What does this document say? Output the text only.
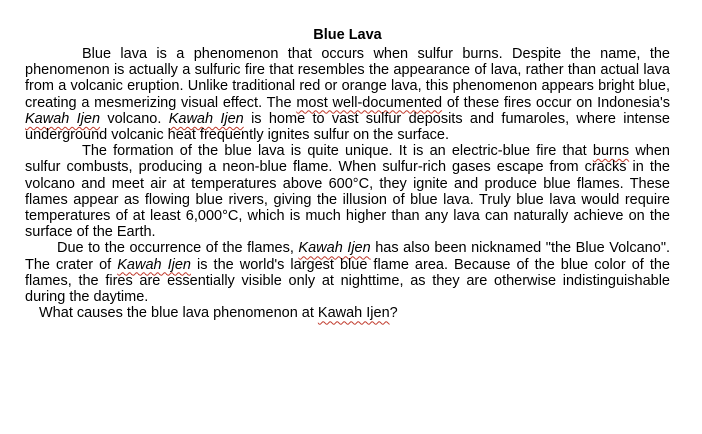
Blue Lava

Blue lava is a phenomenon that occurs when sulfur burns. Despite the name, the phenomenon is actually a sulfuric fire that resembles the appearance of lava, rather than actual lava from a volcanic eruption. Unlike traditional red or orange lava, this phenomenon appears bright blue, creating a mesmerizing visual effect. The most well-documented of these fires occur on Indonesia's Kawah Ijen volcano. Kawah Ijen is home to vast sulfur deposits and fumaroles, where intense underground volcanic heat frequently ignites sulfur on the surface.

The formation of the blue lava is quite unique. It is an electric-blue fire that burns when sulfur combusts, producing a neon-blue flame. When sulfur-rich gases escape from cracks in the volcano and meet air at temperatures above 600°C, they ignite and produce blue flames. These flames appear as flowing blue rivers, giving the illusion of blue lava. Truly blue lava would require temperatures of at least 6,000°C, which is much higher than any lava can naturally achieve on the surface of the Earth.

Due to the occurrence of the flames, Kawah Ijen has also been nicknamed "the Blue Volcano". The crater of Kawah Ijen is the world's largest blue flame area. Because of the blue color of the flames, the fires are essentially visible only at nighttime, as they are otherwise indistinguishable during the daytime.

What causes the blue lava phenomenon at Kawah Ijen?
